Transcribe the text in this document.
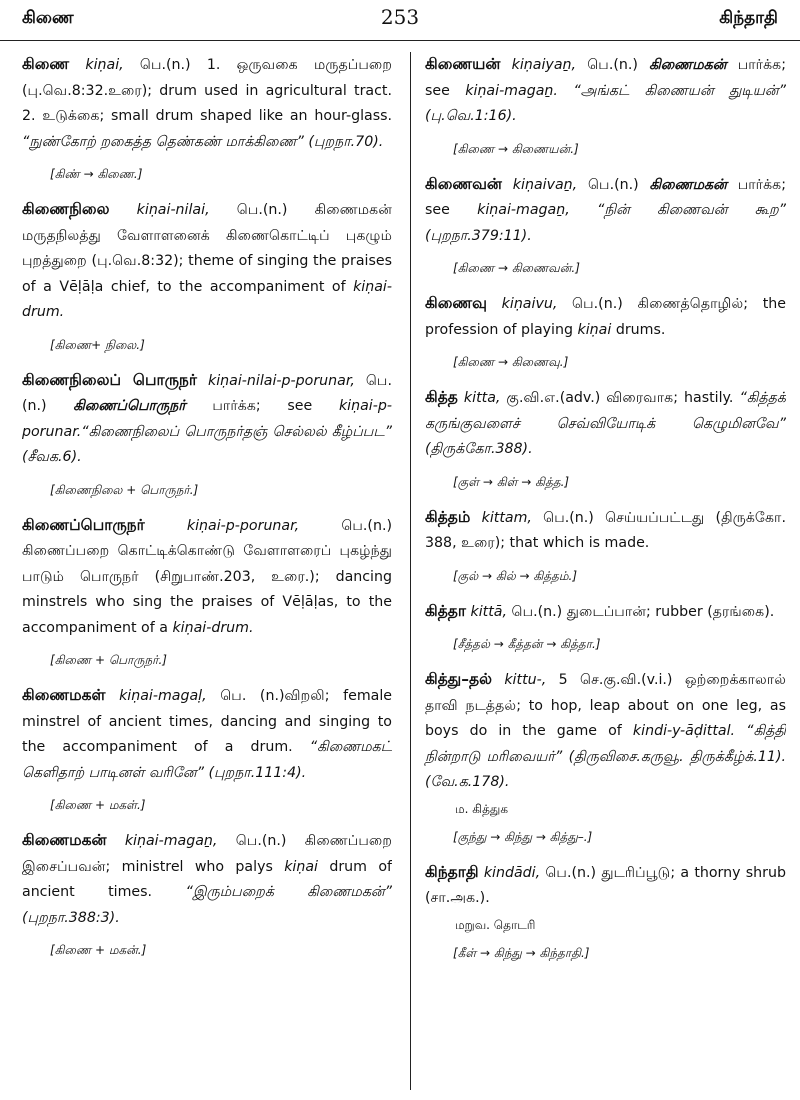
கிணை	253	கிந்தாதி

கிணை kiṇai, பெ.(n.) 1. ஒருவகை மருதப்பறை (பு.வெ.8:32.உரை); drum used in agricultural tract. 2. உடுக்கை; small drum shaped like an hour-glass. “நுண்கோற் றகைத்த தெண்கண் மாக்கிணை” (புறநா.70).

[கிண் → கிணை.]

கிணைநிலை kiṇai-nilai, பெ.(n.) கிணைமகன் மருதநிலத்து வேளாளனைக் கிணைகொட்டிப் புகழும் புறத்துறை (பு.வெ.8:32); theme of singing the praises of a Vēḷāḷa chief, to the accompaniment of kiṇai-drum.

[கிணை+ நிலை.]

கிணைநிலைப் பொருநர் kiṇai-nilai-p-porunar, பெ.(n.) கிணைப்பொருநர் பார்க்க; see kiṇai-p-porunar.“கிணைநிலைப் பொருநர்தஞ் செல்லல் கீழ்ப்பட” (சீவக.6).

[கிணைநிலை + பொருநர்.]

கிணைப்பொருநர்	kiṇai-p-porunar, பெ.(n.) கிணைப்பறை கொட்டிக்கொண்டு வேளாளரைப் புகழ்ந்து பாடும் பொருநர் (சிறுபாண்.203, உரை.); dancing minstrels who sing the praises of Vēḷāḷas, to the accompaniment of a kiṇai-drum.

[கிணை + பொருநர்.]

கிணைமகள் kiṇai-magaḷ, பெ. (n.)விறலி; female minstrel of ancient times, dancing and singing to the accompaniment of a drum. “கிணைமகட் கெளிதாற் பாடினள் வரினே” (புறநா.111:4).

[கிணை + மகள்.]

கிணைமகன் kiṇai-magaṉ, பெ.(n.) கிணைப்பறை இசைப்பவன்; ministrel who palys kiṇai drum of ancient times. “இரும்பறைக் கிணைமகன்” (புறநா.388:3).

[கிணை + மகன்.]

கிணையன் kiṇaiyaṉ, பெ.(n.) கிணைமகன் பார்க்க; see kiṇai-magaṉ. “அங்கட் கிணையன் துடியன்” (பு.வெ.1:16).

[கிணை → கிணையன்.]

கிணைவன் kiṇaivaṉ, பெ.(n.) கிணைமகன் பார்க்க; see kiṇai-magaṉ, “நின் கிணைவன் கூற” (புறநா.379:11).

[கிணை → கிணைவன்.]

கிணைவு kiṇaivu, பெ.(n.) கிணைத்தொழில்; the profession of playing kiṇai drums.

[கிணை → கிணைவு.]

கித்த kitta, கு.வி.எ.(adv.) விரைவாக; hastily. “கித்தக் கருங்குவளைச் செவ்வியோடிக் கெழுமினவே” (திருக்கோ.388).

[குள் → கிள் → கித்த.]

கித்தம் kittam, பெ.(n.) செய்யப்பட்டது (திருக்கோ. 388, உரை); that which is made.

[குல் → கில் → கித்தம்.]

கித்தா kittā, பெ.(n.) துடைப்பான்; rubber (தரங்கை).

[சீத்தல் → கீத்தன் → கித்தா.]

கித்து–தல் kittu-, 5 செ.கு.வி.(v.i.) ஒற்றைக்காலால் தாவி நடத்தல்; to hop, leap about on one leg, as boys do in the game of kindi-y-āḍittal. “கித்தி நின்றாடு மரிவையர்” (திருவிசை.கருவூ. திருக்கீழ்க்.11). (வே.க.178).

ம. கித்துக
[குந்து → கிந்து → கித்து–.]

கிந்தாதி kindādi, பெ.(n.) துடரிப்பூடு; a thorny shrub (சா.அக.).

மறுவ. தொடரி
[கீள் → கிந்து → கிந்தாதி.]
